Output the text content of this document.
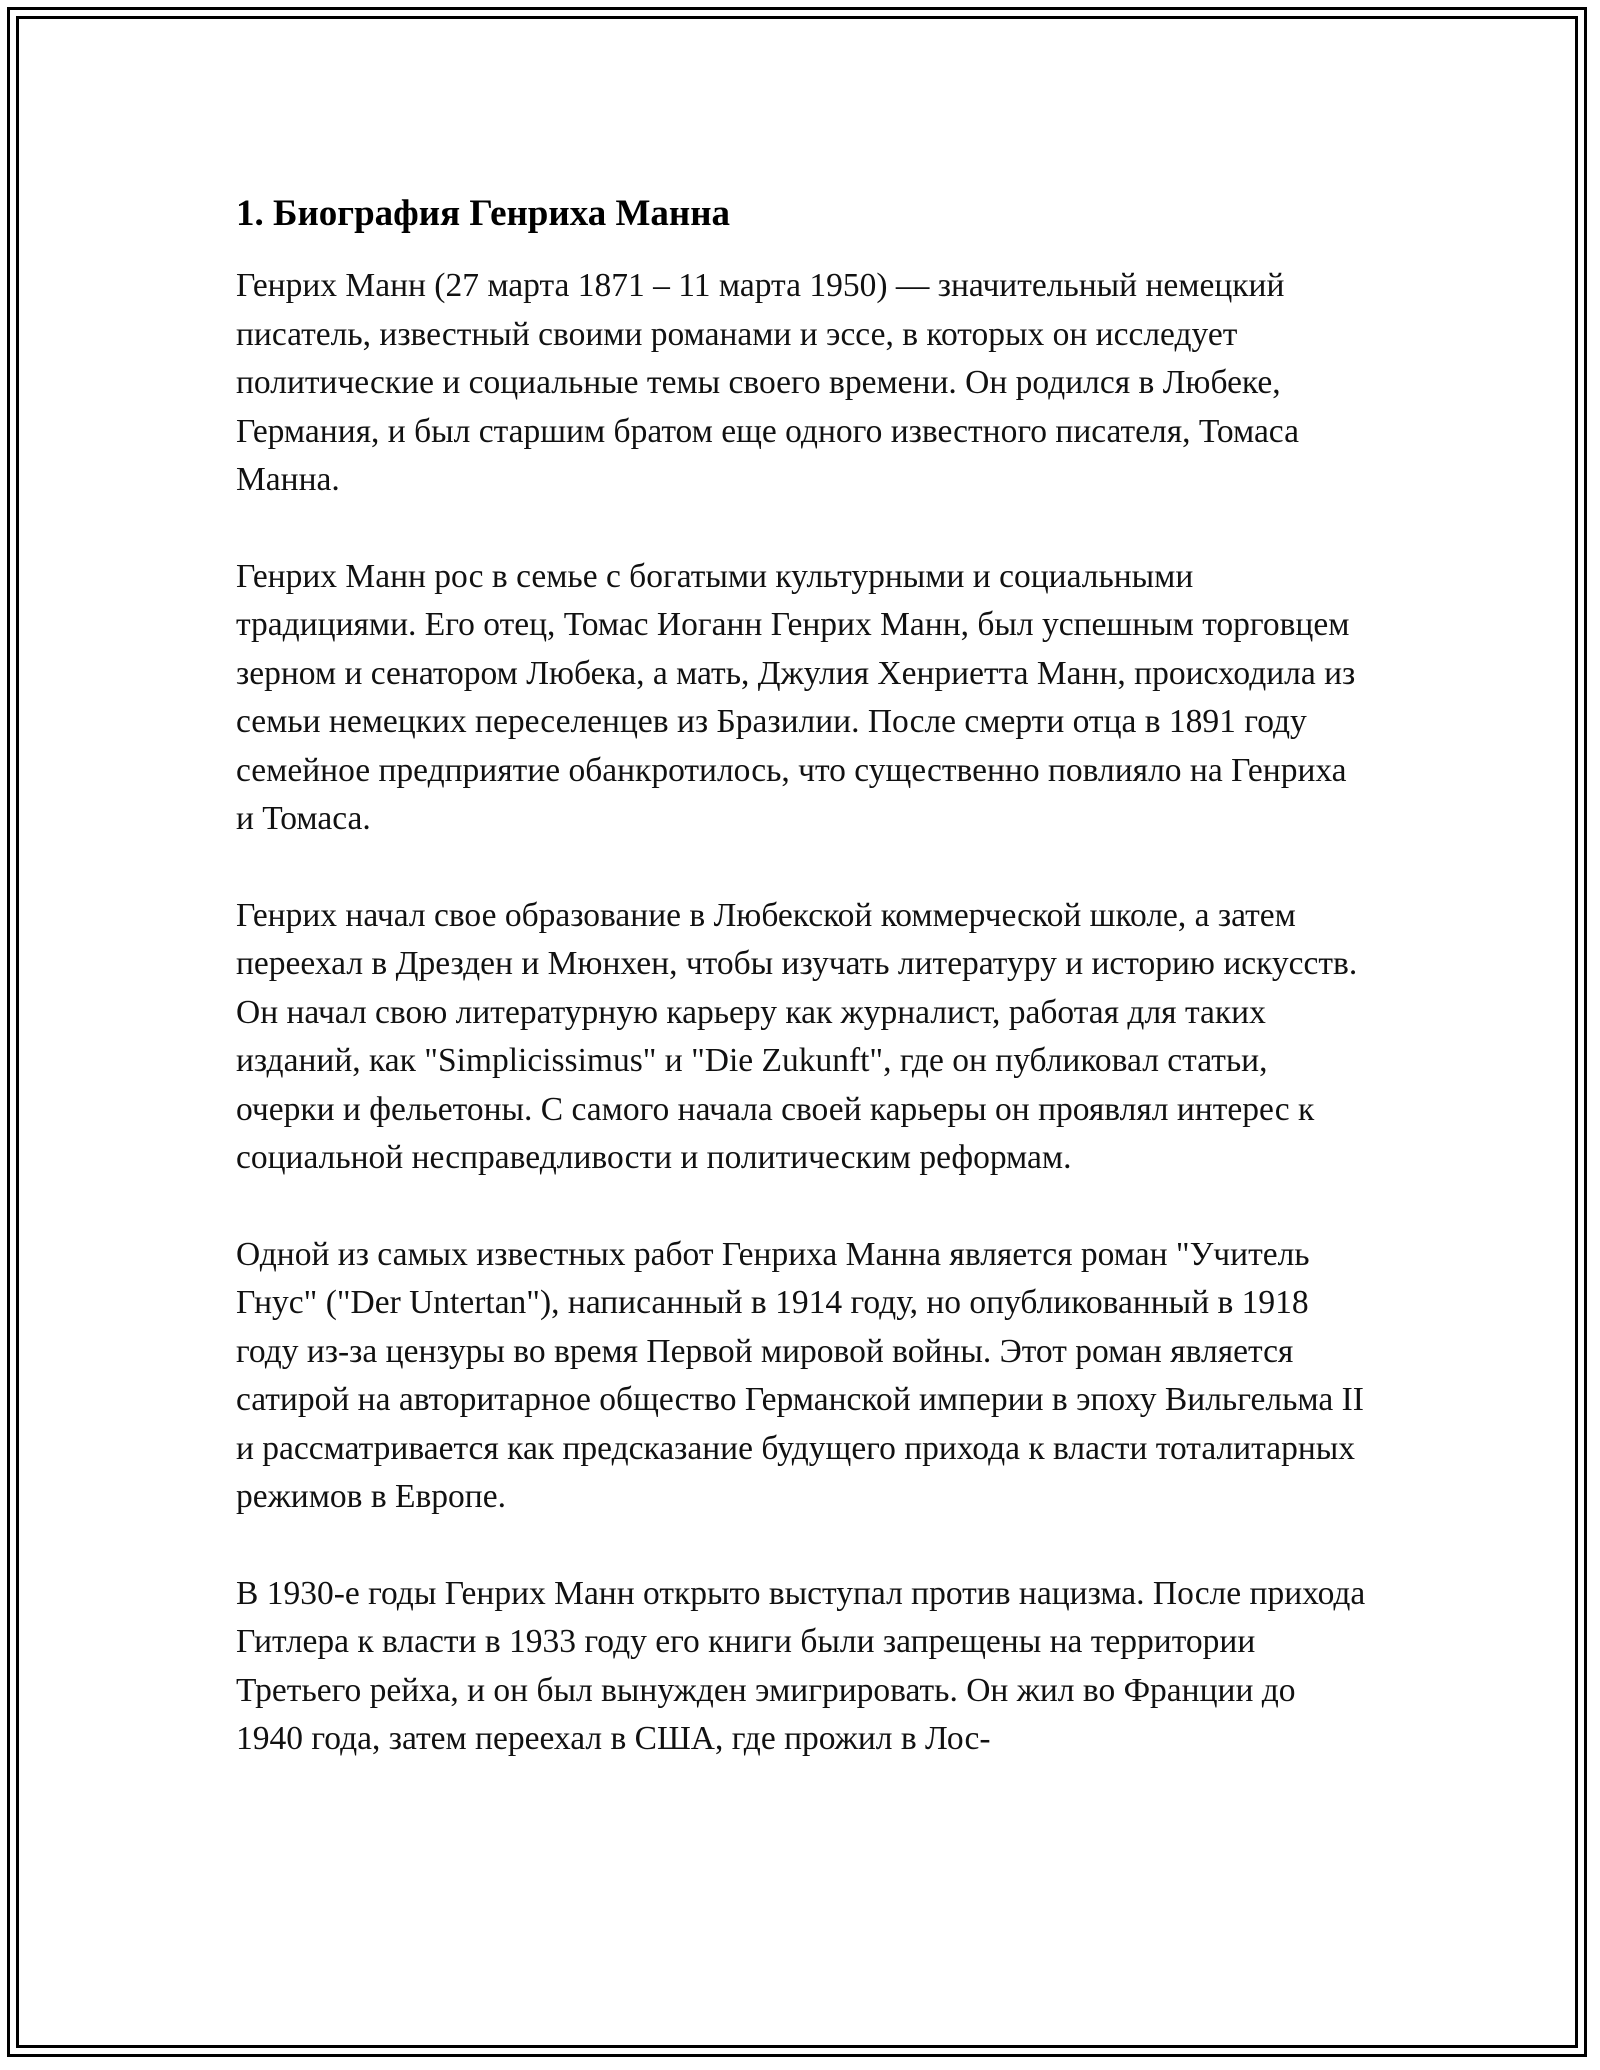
1. Биография Генриха Манна

Генрих Манн (27 марта 1871 – 11 марта 1950) — значительный немецкий писатель, известный своими романами и эссе, в которых он исследует политические и социальные темы своего времени. Он родился в Любеке, Германия, и был старшим братом еще одного известного писателя, Томаса Манна.

Генрих Манн рос в семье с богатыми культурными и социальными традициями. Его отец, Томас Иоганн Генрих Манн, был успешным торговцем зерном и сенатором Любека, а мать, Джулия Хенриетта Манн, происходила из семьи немецких переселенцев из Бразилии. После смерти отца в 1891 году семейное предприятие обанкротилось, что существенно повлияло на Генриха и Томаса.

Генрих начал свое образование в Любекской коммерческой школе, а затем переехал в Дрезден и Мюнхен, чтобы изучать литературу и историю искусств. Он начал свою литературную карьеру как журналист, работая для таких изданий, как "Simplicissimus" и "Die Zukunft", где он публиковал статьи, очерки и фельетоны. С самого начала своей карьеры он проявлял интерес к социальной несправедливости и политическим реформам.

Одной из самых известных работ Генриха Манна является роман "Учитель Гнус" ("Der Untertan"), написанный в 1914 году, но опубликованный в 1918 году из-за цензуры во время Первой мировой войны. Этот роман является сатирой на авторитарное общество Германской империи в эпоху Вильгельма II и рассматривается как предсказание будущего прихода к власти тоталитарных режимов в Европе.

В 1930-е годы Генрих Манн открыто выступал против нацизма. После прихода Гитлера к власти в 1933 году его книги были запрещены на территории Третьего рейха, и он был вынужден эмигрировать. Он жил во Франции до 1940 года, затем переехал в США, где прожил в Лос-
